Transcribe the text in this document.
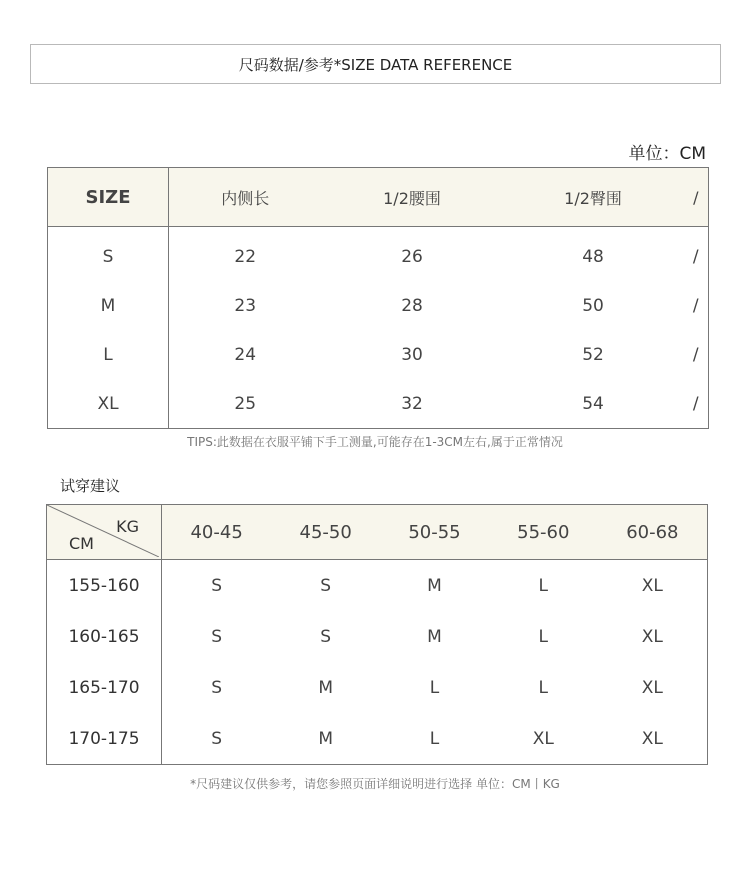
尺码数据/参考*SIZE DATA REFERENCE
单位：CM
SIZE	内侧长	1/2腰围	1/2臀围	/
S	22	26	48	/
M	23	28	50	/
L	24	30	52	/
XL	25	32	54	/
TIPS:此数据在衣服平铺下手工测量,可能存在1-3CM左右,属于正常情况
试穿建议
KG
CM	40-45	45-50	50-55	55-60	60-68
155-160	S	S	M	L	XL
160-165	S	S	M	L	XL
165-170	S	M	L	L	XL
170-175	S	M	L	XL	XL
*尺码建议仅供参考，请您参照页面详细说明进行选择 单位：CM丨KG
